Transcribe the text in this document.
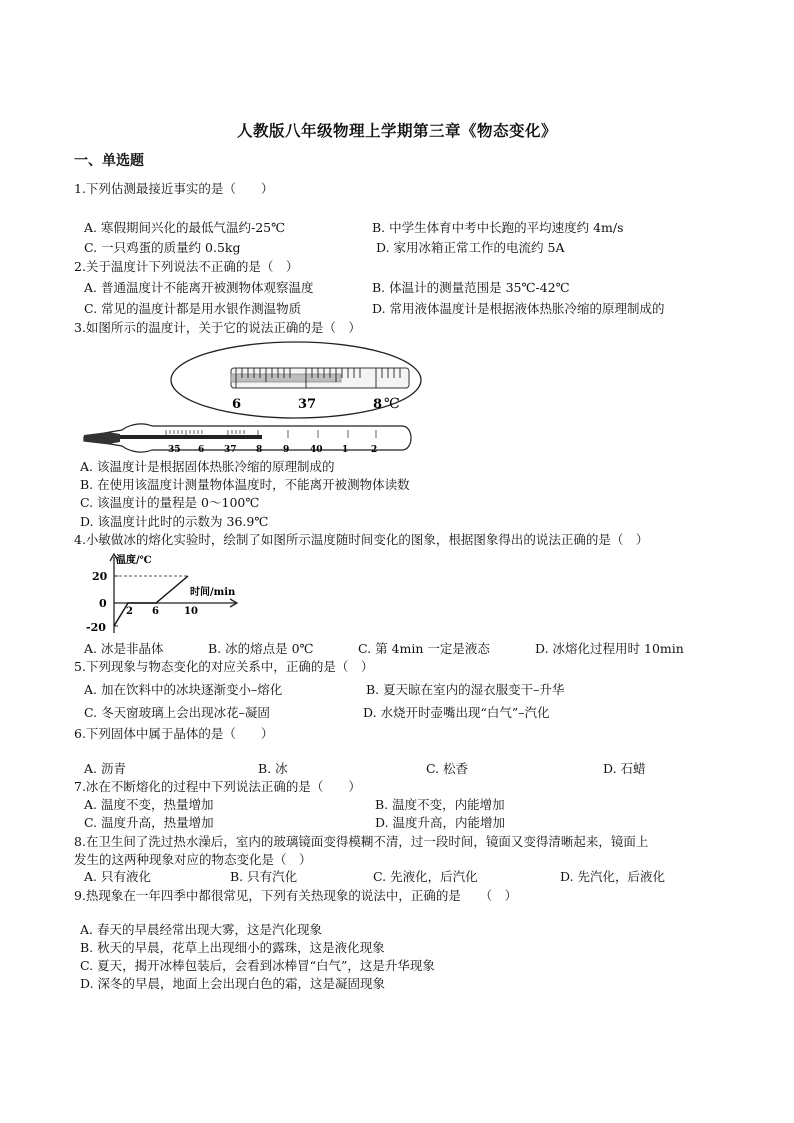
人教版八年级物理上学期第三章《物态变化》
一、单选题
1.下列估测最接近事实的是（　　）
A. 寒假期间兴化的最低气温约-25℃	B. 中学生体育中考中长跑的平均速度约 4m/s
C. 一只鸡蛋的质量约 0.5kg	D. 家用冰箱正常工作的电流约 5A
2.关于温度计下列说法不正确的是（　）
A. 普通温度计不能离开被测物体观察温度	B. 体温计的测量范围是 35℃-42℃
C. 常见的温度计都是用水银作测温物质	D. 常用液体温度计是根据液体热胀冷缩的原理制成的
3.如图所示的温度计，关于它的说法正确的是（　）
6	37	8 ℃
35 6 37 8 9 40 1	2
A. 该温度计是根据固体热胀冷缩的原理制成的
B. 在使用该温度计测量物体温度时，不能离开被测物体读数
C. 该温度计的量程是 0～100℃
D. 该温度计此时的示数为 36.9℃
4.小敏做冰的熔化实验时，绘制了如图所示温度随时间变化的图象，根据图象得出的说法正确的是（　）
温度/℃
时间/min
20
0
-20
2 6	10
A. 冰是非晶体	B. 冰的熔点是 0℃	C. 第 4min 一定是液态	D. 冰熔化过程用时 10min
5.下列现象与物态变化的对应关系中，正确的是（　）
A. 加在饮料中的冰块逐渐变小–熔化	B. 夏天晾在室内的湿衣服变干–升华
C. 冬天窗玻璃上会出现冰花–凝固	D. 水烧开时壶嘴出现“白气”–汽化
6.下列固体中属于晶体的是（　　）
A. 沥青	B. 冰	C. 松香	D. 石蜡
7.冰在不断熔化的过程中下列说法正确的是（　　）
A. 温度不变，热量增加	B. 温度不变，内能增加
C. 温度升高，热量增加	D. 温度升高，内能增加
8.在卫生间了洗过热水澡后，室内的玻璃镜面变得模糊不清，过一段时间，镜面又变得清晰起来，镜面上
发生的这两种现象对应的物态变化是（　）
A. 只有液化	B. 只有汽化	C. 先液化，后汽化	D. 先汽化，后液化
9.热现象在一年四季中都很常见，下列有关热现象的说法中，正确的是　　（　）
A. 春天的早晨经常出现大雾，这是汽化现象
B. 秋天的早晨，花草上出现细小的露珠，这是液化现象
C. 夏天，揭开冰棒包装后，会看到冰棒冒“白气”，这是升华现象
D. 深冬的早晨，地面上会出现白色的霜，这是凝固现象
